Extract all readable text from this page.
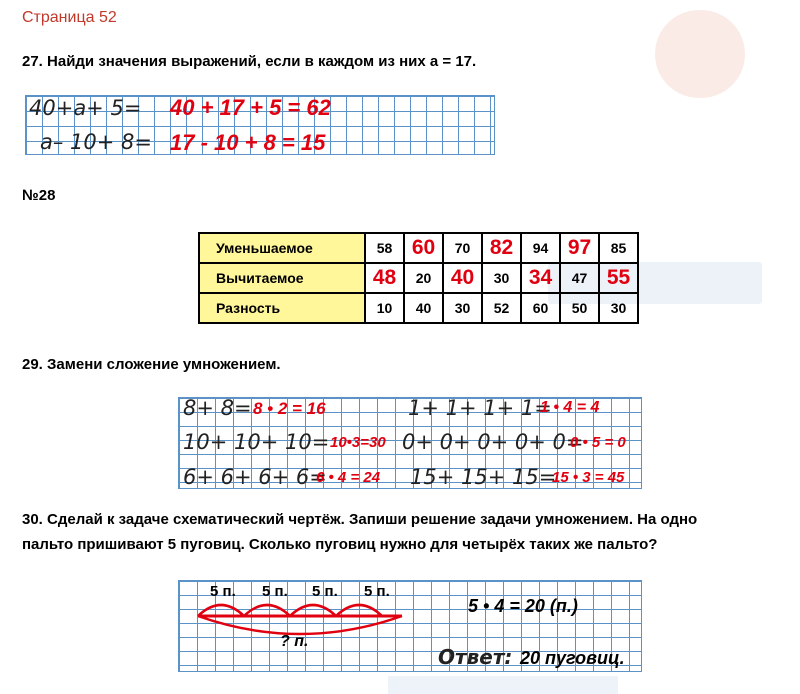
Страница 52
27. Найди значения выражений, если в каждом из них а = 17.
40+а+ 5= 40 + 17 + 5 = 62
а– 10+ 8= 17 - 10 + 8 = 15
№28
Уменьшаемое	58	60	70	82	94	97	85
Вычитаемое	48	20	40	30	34	47	55
Разность	10	40	30	52	60	50	30
29. Замени сложение умножением.
8+ 8= 8 • 2 = 16	1+ 1+ 1+ 1=
1 • 4 = 4
10+ 10+ 10= 10•3=30 0+ 0+ 0+ 0+ 0=
0 • 5 = 0
6+ 6+ 6+ 6=
6 • 4 = 24 15+ 15+ 15=
15 • 3 = 45
30. Сделай к задаче схематический чертёж. Запиши решение задачи умножением. На одно
пальто пришивают 5 пуговиц. Сколько пуговиц нужно для четырёх таких же пальто?
5 п. 5 п. 5 п. 5 п.
? п.
5 • 4 = 20 (п.)
Ответ: 20 пуговиц.
